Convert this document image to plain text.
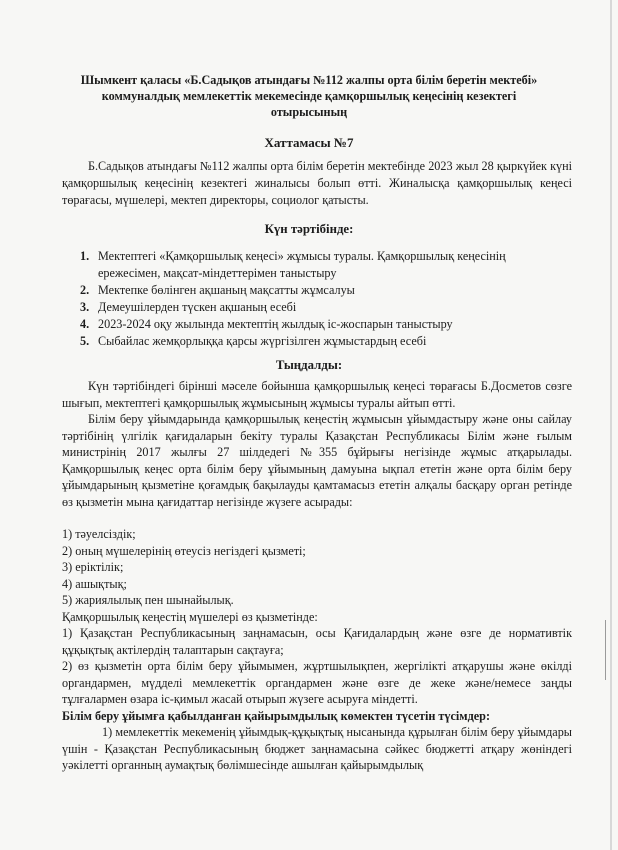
Шымкент қаласы «Б.Садықов атындағы №112 жалпы орта білім беретін мектебі»
коммуналдық мемлекеттік мекемесінде қамқоршылық кеңесінің кезектегі
отырысының
Хаттамасы №7

Б.Садықов атындағы №112 жалпы орта білім беретін мектебінде 2023 жыл 28 қыркүйек күні қамқоршылық кеңесінің кезектегі жиналысы болып өтті. Жиналысқа қамқоршылық кеңесі төрағасы, мүшелері, мектеп директоры, социолог қатысты.

Күн тәртібінде:
1. Мектептегі «Қамқоршылық кеңесі» жұмысы туралы. Қамқоршылық кеңесінің ережесімен, мақсат-міндеттерімен таныстыру
2. Мектепке бөлінген ақшаның мақсатты жұмсалуы
3. Демеушілерден түскен ақшаның есебі
4. 2023-2024 оқу жылында мектептің жылдық іс-жоспарын таныстыру
5. Сыбайлас жемқорлыққа қарсы жүргізілген жұмыстардың есебі
Тыңдалды:

Күн тәртібіндегі бірінші мәселе бойынша қамқоршылық кеңесі төрағасы Б.Досметов сөзге шығып, мектептегі қамқоршылық жұмысының жұмысы туралы айтып өтті.

Білім беру ұйымдарында қамқоршылық кеңестің жұмысын ұйымдастыру және оны сайлау тәртібінің үлгілік қағидаларын бекіту туралы Қазақстан Республикасы Білім және ғылым министрінің 2017 жылғы 27 шілдедегі №355 бұйрығы негізінде жұмыс атқарылады. Қамқоршылық кеңес орта білім беру ұйымының дамуына ықпал ететін және орта білім беру ұйымдарының қызметіне қоғамдық бақылауды қамтамасыз ететін алқалы басқару орган ретінде өз қызметін мына қағидаттар негізінде жүзеге асырады:

1) тәуелсіздік;

2) оның мүшелерінің өтеусіз негіздегі қызметі;

3) еріктілік;

4) ашықтық;

5) жариялылық пен шынайылық.

Қамқоршылық кеңестің мүшелері өз қызметінде:

1) Қазақстан Республикасының заңнамасын, осы Қағидалардың және өзге де нормативтік құқықтық актілердің талаптарын сақтауға;

2) өз қызметін орта білім беру ұйымымен, жұртшылықпен, жергілікті атқарушы және өкілді органдармен, мүдделі мемлекеттік органдармен және өзге де жеке және/немесе заңды тұлғалармен өзара іс-қимыл жасай отырып жүзеге асыруға міндетті.

Білім беру ұйымға қабылданған қайырымдылық көмектен түсетін түсімдер:

1) мемлекеттік мекеменің ұйымдық-құқықтық нысанында құрылған білім беру ұйымдары үшін - Қазақстан Республикасының бюджет заңнамасына сәйкес бюджетті атқару жөніндегі уәкілетті органның аумақтық бөлімшесінде ашылған қайырымдылық
